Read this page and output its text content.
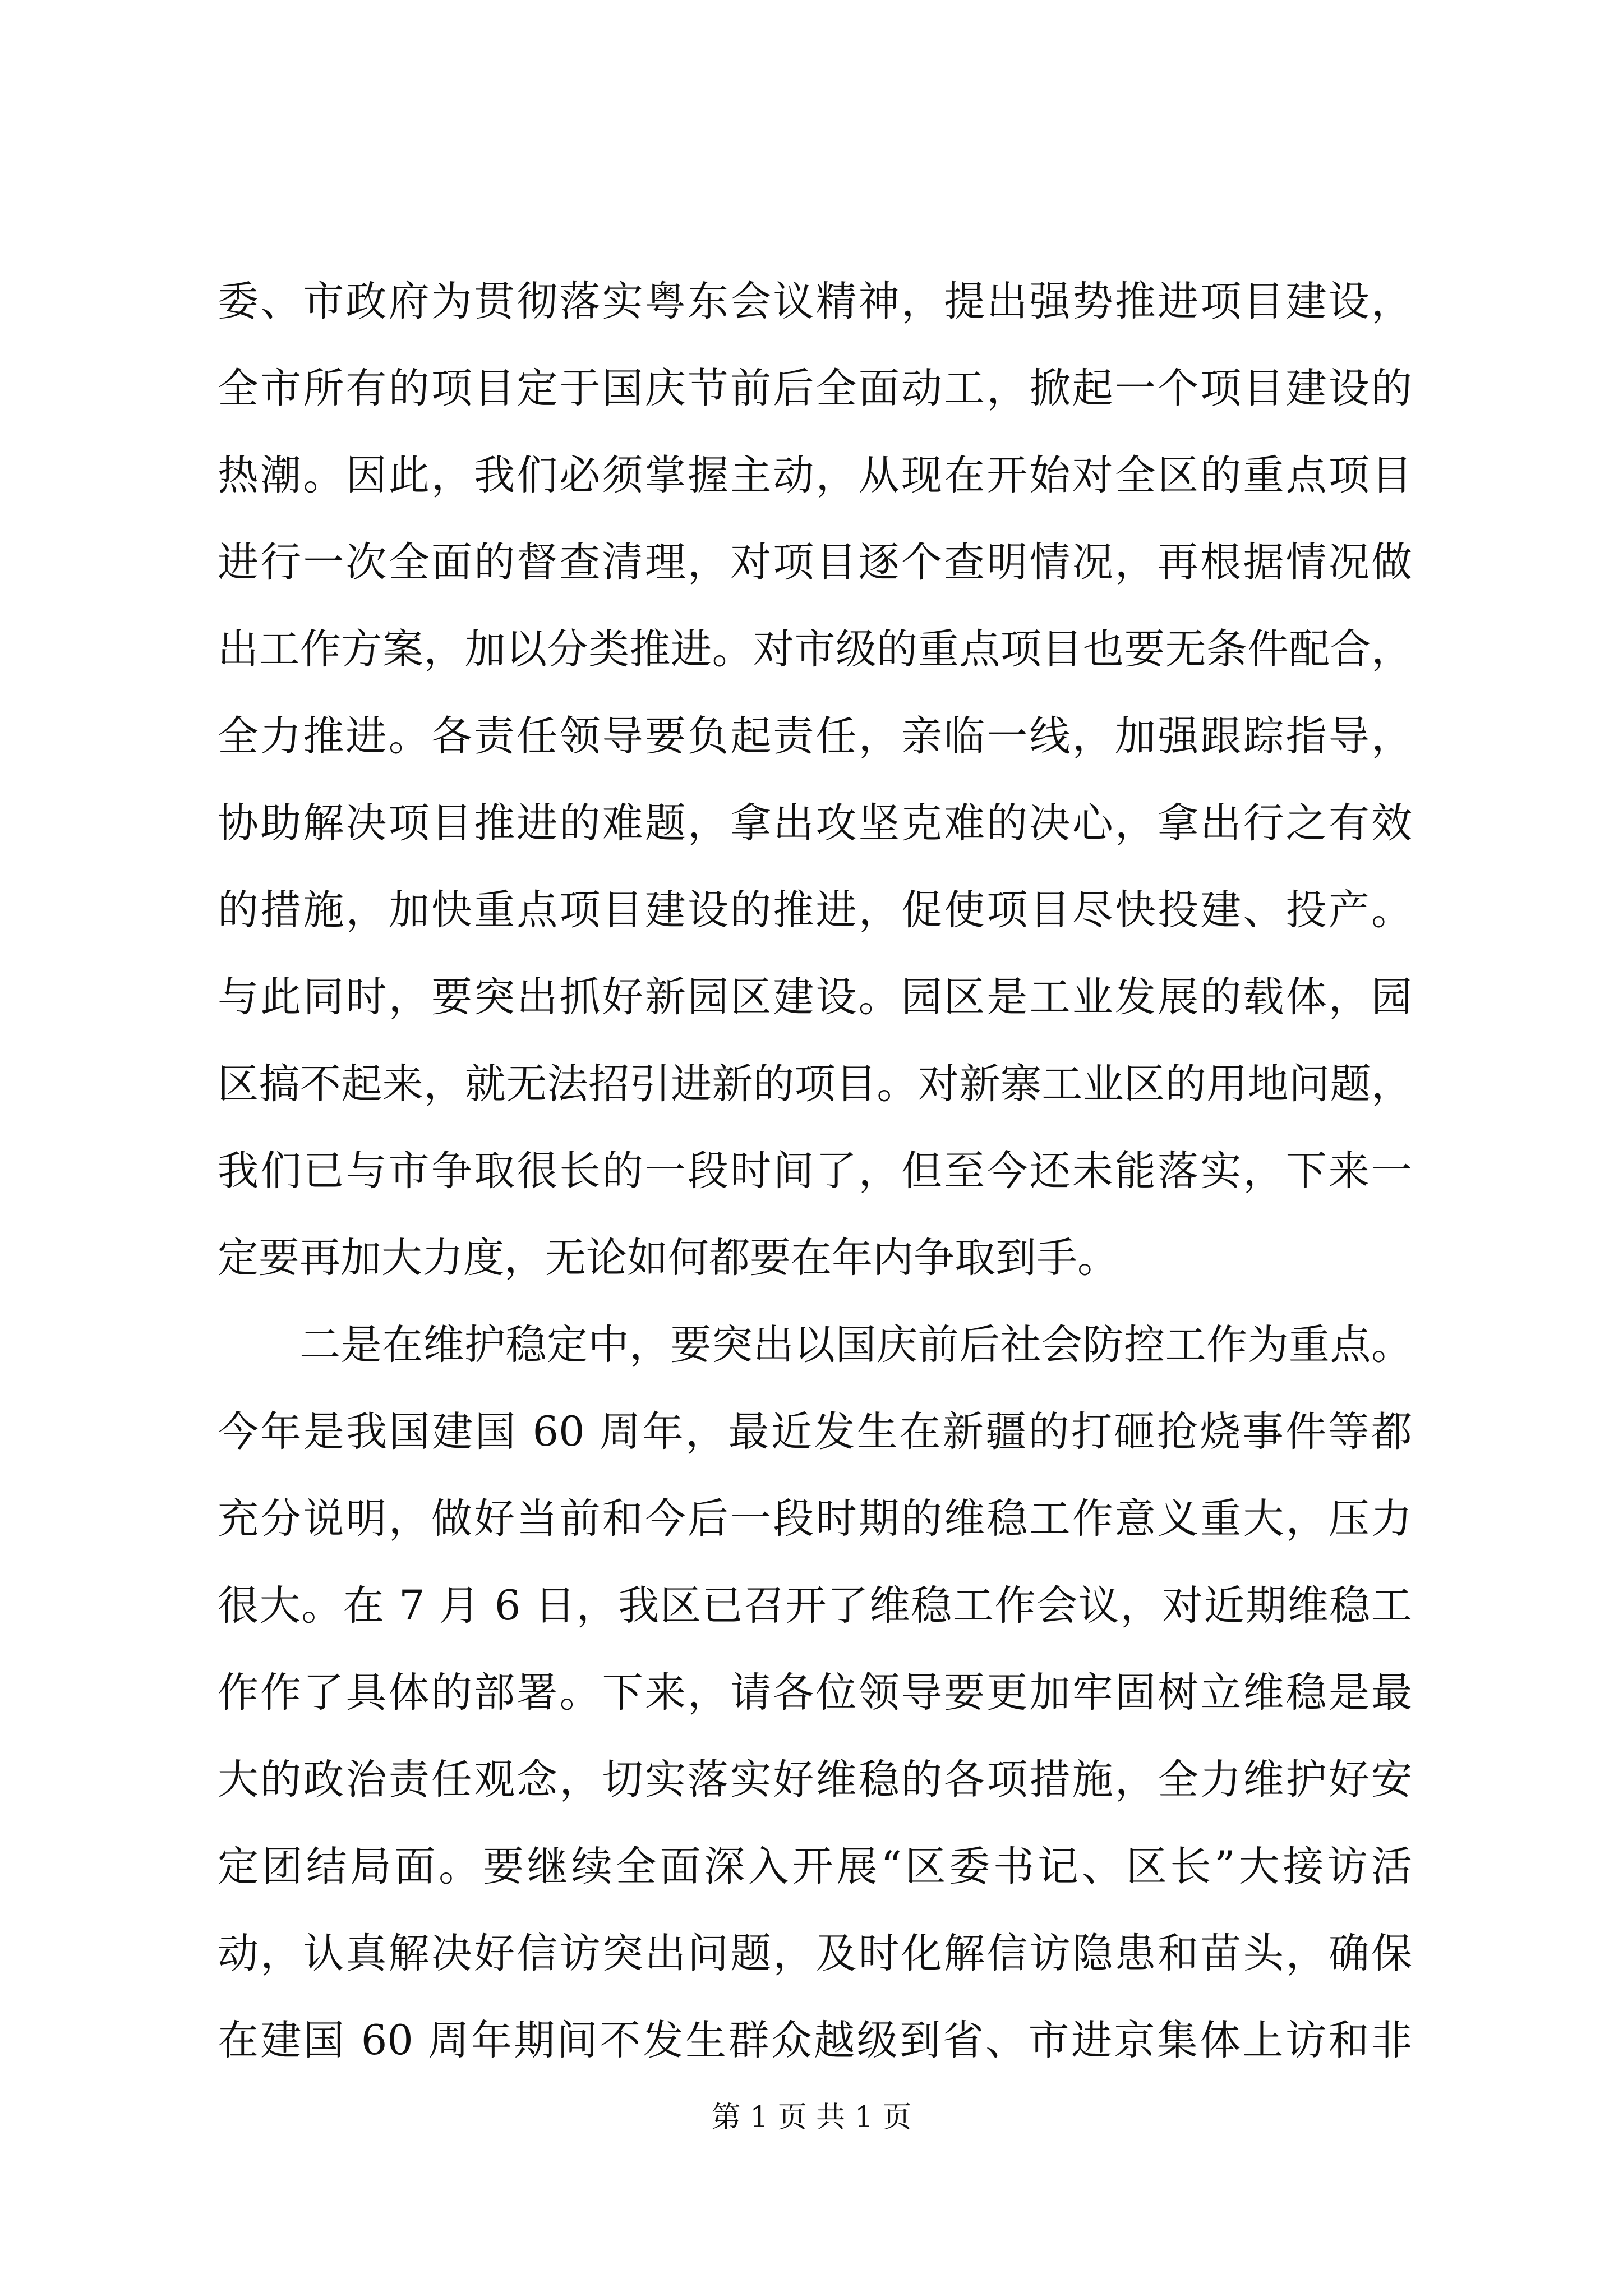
委、市政府为贯彻落实粤东会议精神，提出强势推进项目建设，
全市所有的项目定于国庆节前后全面动工，掀起一个项目建设的
热潮。因此，我们必须掌握主动，从现在开始对全区的重点项目
进行一次全面的督查清理，对项目逐个查明情况，再根据情况做
出工作方案，加以分类推进。对市级的重点项目也要无条件配合，
全力推进。各责任领导要负起责任，亲临一线，加强跟踪指导，
协助解决项目推进的难题，拿出攻坚克难的决心，拿出行之有效
的措施，加快重点项目建设的推进，促使项目尽快投建、投产。
与此同时，要突出抓好新园区建设。园区是工业发展的载体，园
区搞不起来，就无法招引进新的项目。对新寨工业区的用地问题，
我们已与市争取很长的一段时间了，但至今还未能落实，下来一
定要再加大力度，无论如何都要在年内争取到手。
二是在维护稳定中，要突出以国庆前后社会防控工作为重点。
今年是我国建国 60 周年，最近发生在新疆的打砸抢烧事件等都
充分说明，做好当前和今后一段时期的维稳工作意义重大，压力
很大。在 7 月 6 日，我区已召开了维稳工作会议，对近期维稳工
作作了具体的部署。下来，请各位领导要更加牢固树立维稳是最
大的政治责任观念，切实落实好维稳的各项措施，全力维护好安
定团结局面。要继续全面深入开展“区委书记、区长”大接访活
动，认真解决好信访突出问题，及时化解信访隐患和苗头，确保
在建国 60 周年期间不发生群众越级到省、市进京集体上访和非
第 1 页 共 1 页
